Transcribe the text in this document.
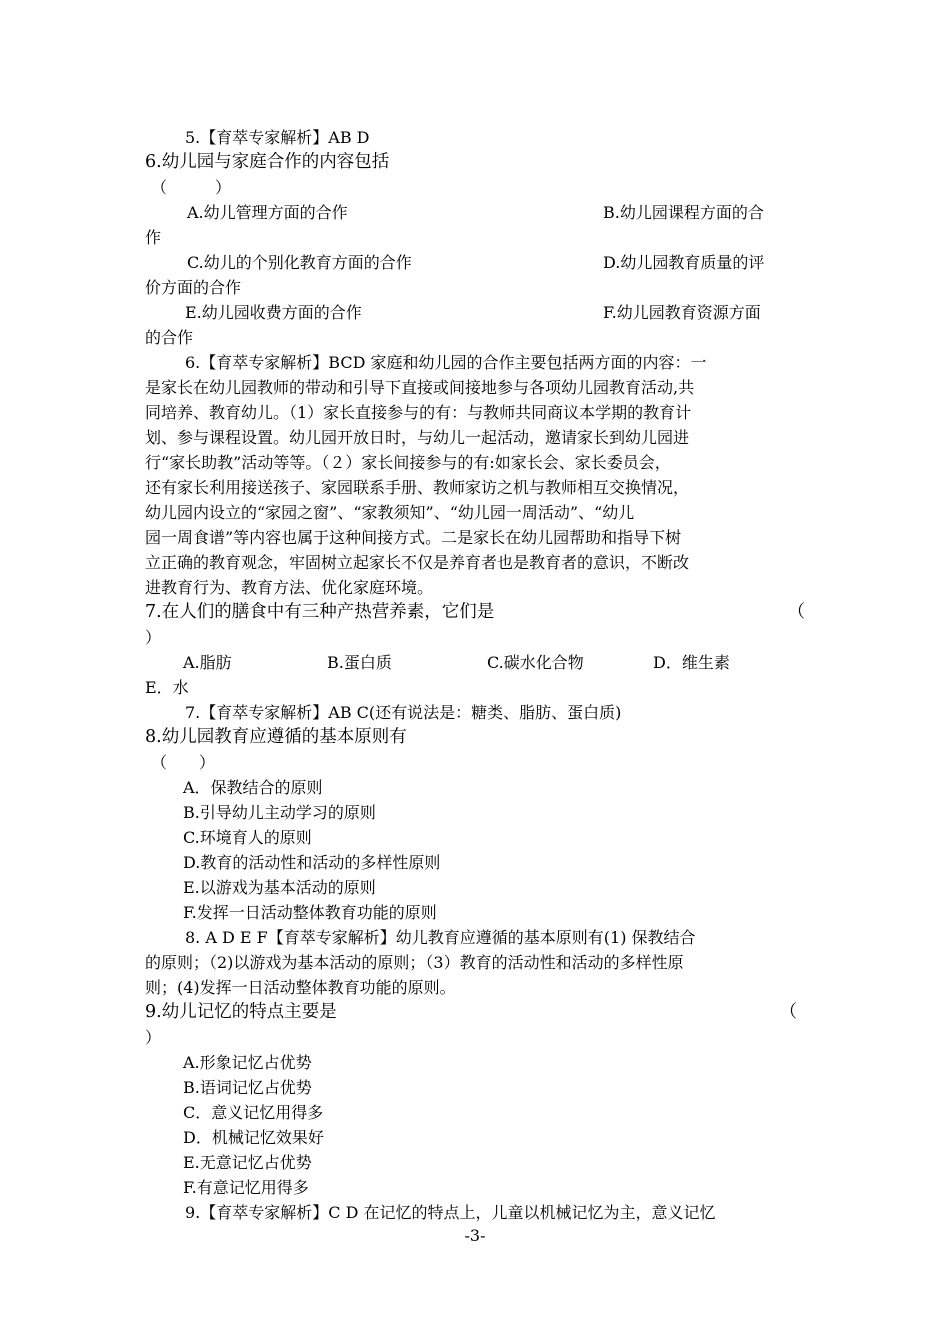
5.【育萃专家解析】AB D
6.幼儿园与家庭合作的内容包括
（　　　）
A.幼儿管理方面的合作	B.幼儿园课程方面的合
作
C.幼儿的个别化教育方面的合作	D.幼儿园教育质量的评
价方面的合作
E.幼儿园收费方面的合作	F.幼儿园教育资源方面
的合作
6.【育萃专家解析】BCD 家庭和幼儿园的合作主要包括两方面的内容：一
是家长在幼儿园教师的带动和引导下直接或间接地参与各项幼儿园教育活动,共
同培养、教育幼儿。（1）家长直接参与的有：与教师共同商议本学期的教育计
划、参与课程设置。幼儿园开放日时，与幼儿一起活动，邀请家长到幼儿园进
行“家长助教”活动等等。（２）家长间接参与的有:如家长会、家长委员会，
还有家长利用接送孩子、家园联系手册、教师家访之机与教师相互交换情况，
幼儿园内设立的“家园之窗”、“家教须知”、“幼儿园一周活动”、“幼儿
园一周食谱”等内容也属于这种间接方式。二是家长在幼儿园帮助和指导下树
立正确的教育观念，牢固树立起家长不仅是养育者也是教育者的意识，不断改
进教育行为、教育方法、优化家庭环境。
7.在人们的膳食中有三种产热营养素，它们是	（
）
A.脂肪	B.蛋白质	C.碳水化合物	D．维生素
E．水
7.【育萃专家解析】AB C(还有说法是：糖类、脂肪、蛋白质)
8.幼儿园教育应遵循的基本原则有
（　　）
A．保教结合的原则
B.引导幼儿主动学习的原则
C.环境育人的原则
D.教育的活动性和活动的多样性原则
E.以游戏为基本活动的原则
F.发挥一日活动整体教育功能的原则
8. A D E F【育萃专家解析】幼儿教育应遵循的基本原则有(1) 保教结合
的原则；（2)以游戏为基本活动的原则；（3）教育的活动性和活动的多样性原
则；(4)发挥一日活动整体教育功能的原则。
9.幼儿记忆的特点主要是	（
）
A.形象记忆占优势
B.语词记忆占优势
C．意义记忆用得多
D．机械记忆效果好
E.无意记忆占优势
F.有意记忆用得多
9.【育萃专家解析】C D 在记忆的特点上，儿童以机械记忆为主，意义记忆
-3-
